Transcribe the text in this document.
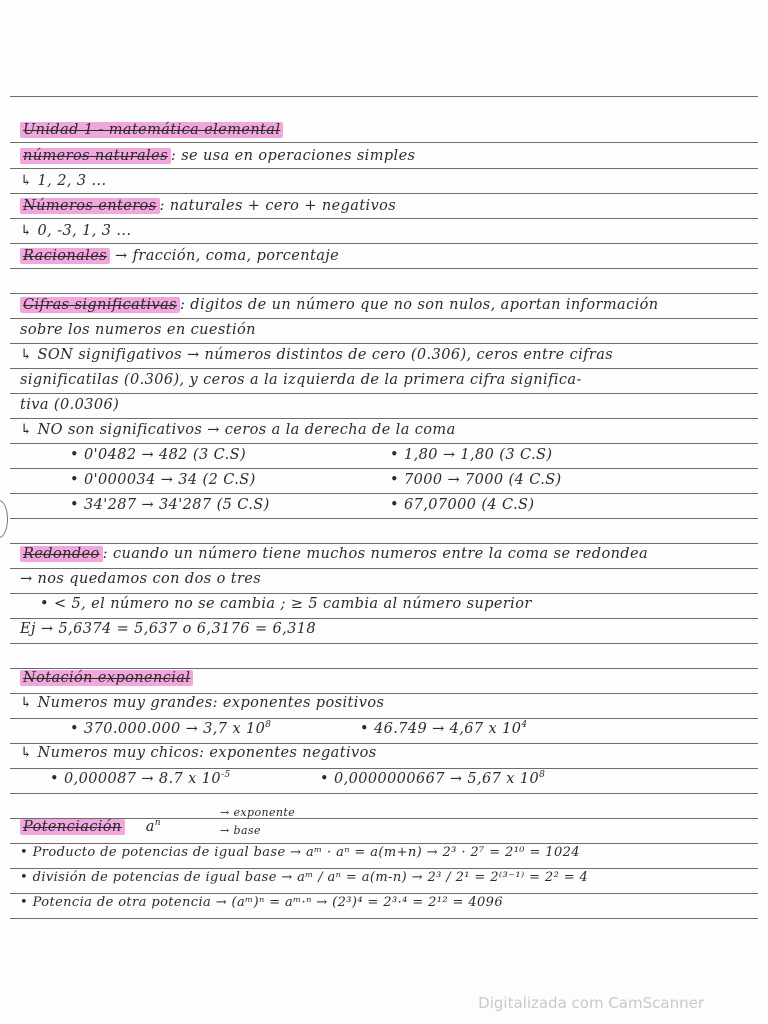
Unidad 1 - matemática elemental
números naturales : se usa en operaciones simples
↳ 1, 2, 3 ...
Números enteros : naturales + cero + negativos
↳ 0, -3, 1, 3 ...
Racionales → fracción, coma, porcentaje
Cifras significativas : digitos de un número que no son nulos, aportan información
sobre los numeros en cuestión
↳ SON signifigativos → números distintos de cero (0.306), ceros entre cifras
significatilas (0.306), y ceros a la izquierda de la primera cifra significa-
tiva (0.0306)
↳ NO son significativos → ceros a la derecha de la coma
• 0'0482 → 482 (3 C.S)	• 1,80 → 1,80 (3 C.S)
• 0'000034 → 34 (2 C.S)	• 7000 → 7000 (4 C.S)
• 34'287 → 34'287 (5 C.S)	• 67,07000 (4 C.S)
Redondeo : cuando un número tiene muchos numeros entre la coma se redondea
→ nos quedamos con dos o tres
• < 5, el número no se cambia ; ≥ 5 cambia al número superior
Ej → 5,6374 = 5,637 o 6,3176 = 6,318
Notación exponencial
↳ Numeros muy grandes: exponentes positivos
• 370.000.000 → 3,7 x $10^8$	• 46.749 → 4,67 x $10^4$
↳ Numeros muy chicos: exponentes negativos
• 0,000087 → 8.7 x $10^{-5}$	• 0,0000000667 → 5,67 x $10^8$
Potenciación $a^n$
→ exponente
→ base
• Producto de potencias de igual base → aᵐ · aⁿ = a(m+n) → 2³ · 2⁷ = 2¹⁰ = 1024
• división de potencias de igual base → aᵐ / aⁿ = a(m-n) → 2³ / 2¹ = 2⁽³⁻¹⁾ = 2² = 4
• Potencia de otra potencia → (aᵐ)ⁿ = aᵐ·ⁿ → (2³)⁴ = 2³·⁴ = 2¹² = 4096
Digitalizada com CamScanner
